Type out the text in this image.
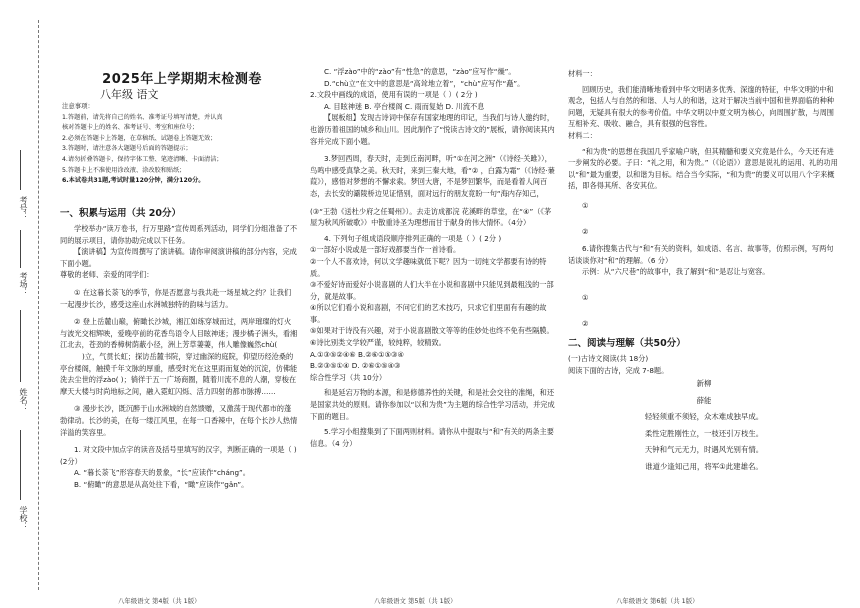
考号：
考场：
姓名：
学校：
2025年上学期期末检测卷
八年级 语文
注意事项：
1.答题前，请先将自己的姓名、准考证号填写清楚，并认真
核对答题卡上的姓名、准考证号、考室和座位号；
2.必须在答题卡上答题，在草稿纸、试题卷上答题无效；
3.答题时，请注意各大题题号后面的答题提示；
4.请勿折叠答题卡，保持字体工整、笔迹清晰、卡面清洁；
5.答题卡上不准使用涂改液、涂改胶和贴纸；
6.本试卷共31题,考试时量120分钟，满分120分。
一、积累与运用（共 20分）

学校举办“读万卷书，行万里路”宣传周系列活动，同学们分组准备了不同的展示项目，请你协助完成以下任务。

【演讲稿】为宣传周撰写了演讲稿。请你审阅演讲稿的部分内容，完成下面小题。

尊敬的老师、亲爱的同学们：

① 在这暮长荼飞的季节，你是否愿意与我共赴一场星城之约？让我们一起漫步长沙，感受这座山水洲城独特的韵味与活力。

② 登上岳麓山巅，俯瞰长沙城，湘江如练穿城而过，两岸璀璨的灯火与波光交相辉映，爱晚亭前的花香鸟语令人目眩神迷；漫步橘子洲头，看湘江北去，苍劲的香樟树荫蔽小径，洲上芳草萋萋，伟人雕像巍然chù()立，气贯长虹；探访岳麓书院，穿过幽深的庭院，仰望历经沧桑的亭台楼阁，触摸千年文脉的厚重，感受时光在这里雨而复始的沉淀，仿佛能洗去尘世的浮zào( )；徜徉于五一广场商圈，随着川流不息的人潮，穿梭在摩天大楼与时尚地标之间，融入霓虹闪烁、活力四射的都市脉搏……

③ 漫步长沙，既沉醉于山水洲城的自然馈赠，又激荡于现代都市的蓬勃律动。长沙的美，在每一缕江风里，在每一口香辣中，在每个长沙人热情洋溢的笑容里。

1. 对文段中加点字的读音及括号里填写的汉字，判断正确的一项是（ )(2分）

A. “暮长荼飞”形容春天的景象，“长”应读作“cháng”。

B. “俯瞰”的意思是从高处往下看，“瞰”应读作“gǎn”。

八年级语文 第4版（共 1版）

C. “浮zào”中的“zào”有“性急”的意思，“zào”应写作“燥”。

D.“chù立”在文中的意思是“高耸地立着”，“chù”应写作“矗”。

2.文段中画线的成语，使用有误的一项是（ ）( 2分 )

A. 目眩神迷 B. 亭台楼阁 C. 雨而复始 D. 川流不息

【展板组】发现古诗词中保存有国家地理的印记，当我们与诗人邀约时，也游历着祖国的城乡和山川。因此制作了“悦读古诗文的”展板，请你阅读其内容并完成下面小题。

3.梦回西周，春天时，走到丘南河畔，听“①在河之洲”（《诗经·关雎》），鸟鸣中感受真挚之美。秋天时，来到三秦大地，看“② ，白露为霜”（《诗经·蒹葭》），感悟对梦想的不懈求索。梦回大唐，不是梦回繁华，而是看着人间百态，去长安的灞陵桥边见证惜别，面对远行的朋友竟盼一句“海内存知己，

(③“王勃《送杜少府之任蜀州》）。去走访成都浣 花溪畔的草堂，在“④”（《茅屋为秋风所破歌》）中散重诗圣为理想而甘于献身的伟大情怀。（4分）

4. 下列句子组成语段顺序排列正确的一项是（ ）( 2分 )

①一部好小说或是一部好戏都要当作一首诗看。

②一个人不喜欢诗，何以文学趣味就低下呢？因为一切纯文学都要有诗的特质。

③不爱好诗而爱好小说喜剧的人们大半在小说和喜剧中只能见到最粗浅的一部分，就是故事。

④所以它们看小说和喜剧，不问它们的艺术技巧，只求它们里面有有趣的故事。

⑤如果对于诗没有兴趣，对于小说喜剧散文等等的佳妙处也终不免有些隔膜。

⑥诗比别类文学较严谨，较纯粹，较精致。

A.①③⑤②④⑥ B.②⑥①⑤③④

B.②③⑤①④ D. ②⑥①⑤④③

综合性学习（共 10分）

和是延宕万物的本源，和是修德养性的关键，和是社会交往的准绳，和还是国家共处的原则。请你参加以“以和为贵”为主题的综合性学习活动，并完成下面的题目。

5.学习小组搜集到了下面两则材料。请你从中提取与“和”有关的两条主要信息。（4 分）

八年级语文 第5版（共 1版）

材料一：

回顾历史，我们能清晰地看到中华文明诸多优秀、深邃的特征，中华文明的中和观念，包括人与自然的和谐、人与人的和谐，这对于解决当前中国和世界面临的种种问题，无疑具有很大的参考价值。中华文明以中夏文明为核心，向周围扩散，与周围互相补充、吸收、融合，具有很强的包容性。

材料二：

“和为贵”的思想在我国几乎家喻户晓，但其精髓和要义究竟是什么，今天还有进一步阐发的必要。子曰：“礼之用，和为贵。”（《论语》）意思是说礼的运用、礼的功用以“和”最为重要，以和谐为目标。结合当今实际，“和为贵”的要义可以用八个字来概括，即各得其所、各安其位。

①

②

6.请你搜集古代与“和”有关的资料，如成语、名言、故事等，仿照示例，写两句话谈谈你对“和”的理解。（6 分）

示例：从“六尺巷”的故事中，我了解到“和”是忍让与宽容。

①

②

二、阅读与理解（共50分）

(一)古诗文阅读(共 18分)

阅读下面的古诗，完成 7-8题。

新柳
薛能
轻轻须重不须轻，众木难成独早成。
柔性定胜刚性立，一枝还引万枝生。
天钟和气元无力，时遇风光别有情。
谁道少逢知己用，将军①此建雄名。
八年级语文 第6版（共 1版）
